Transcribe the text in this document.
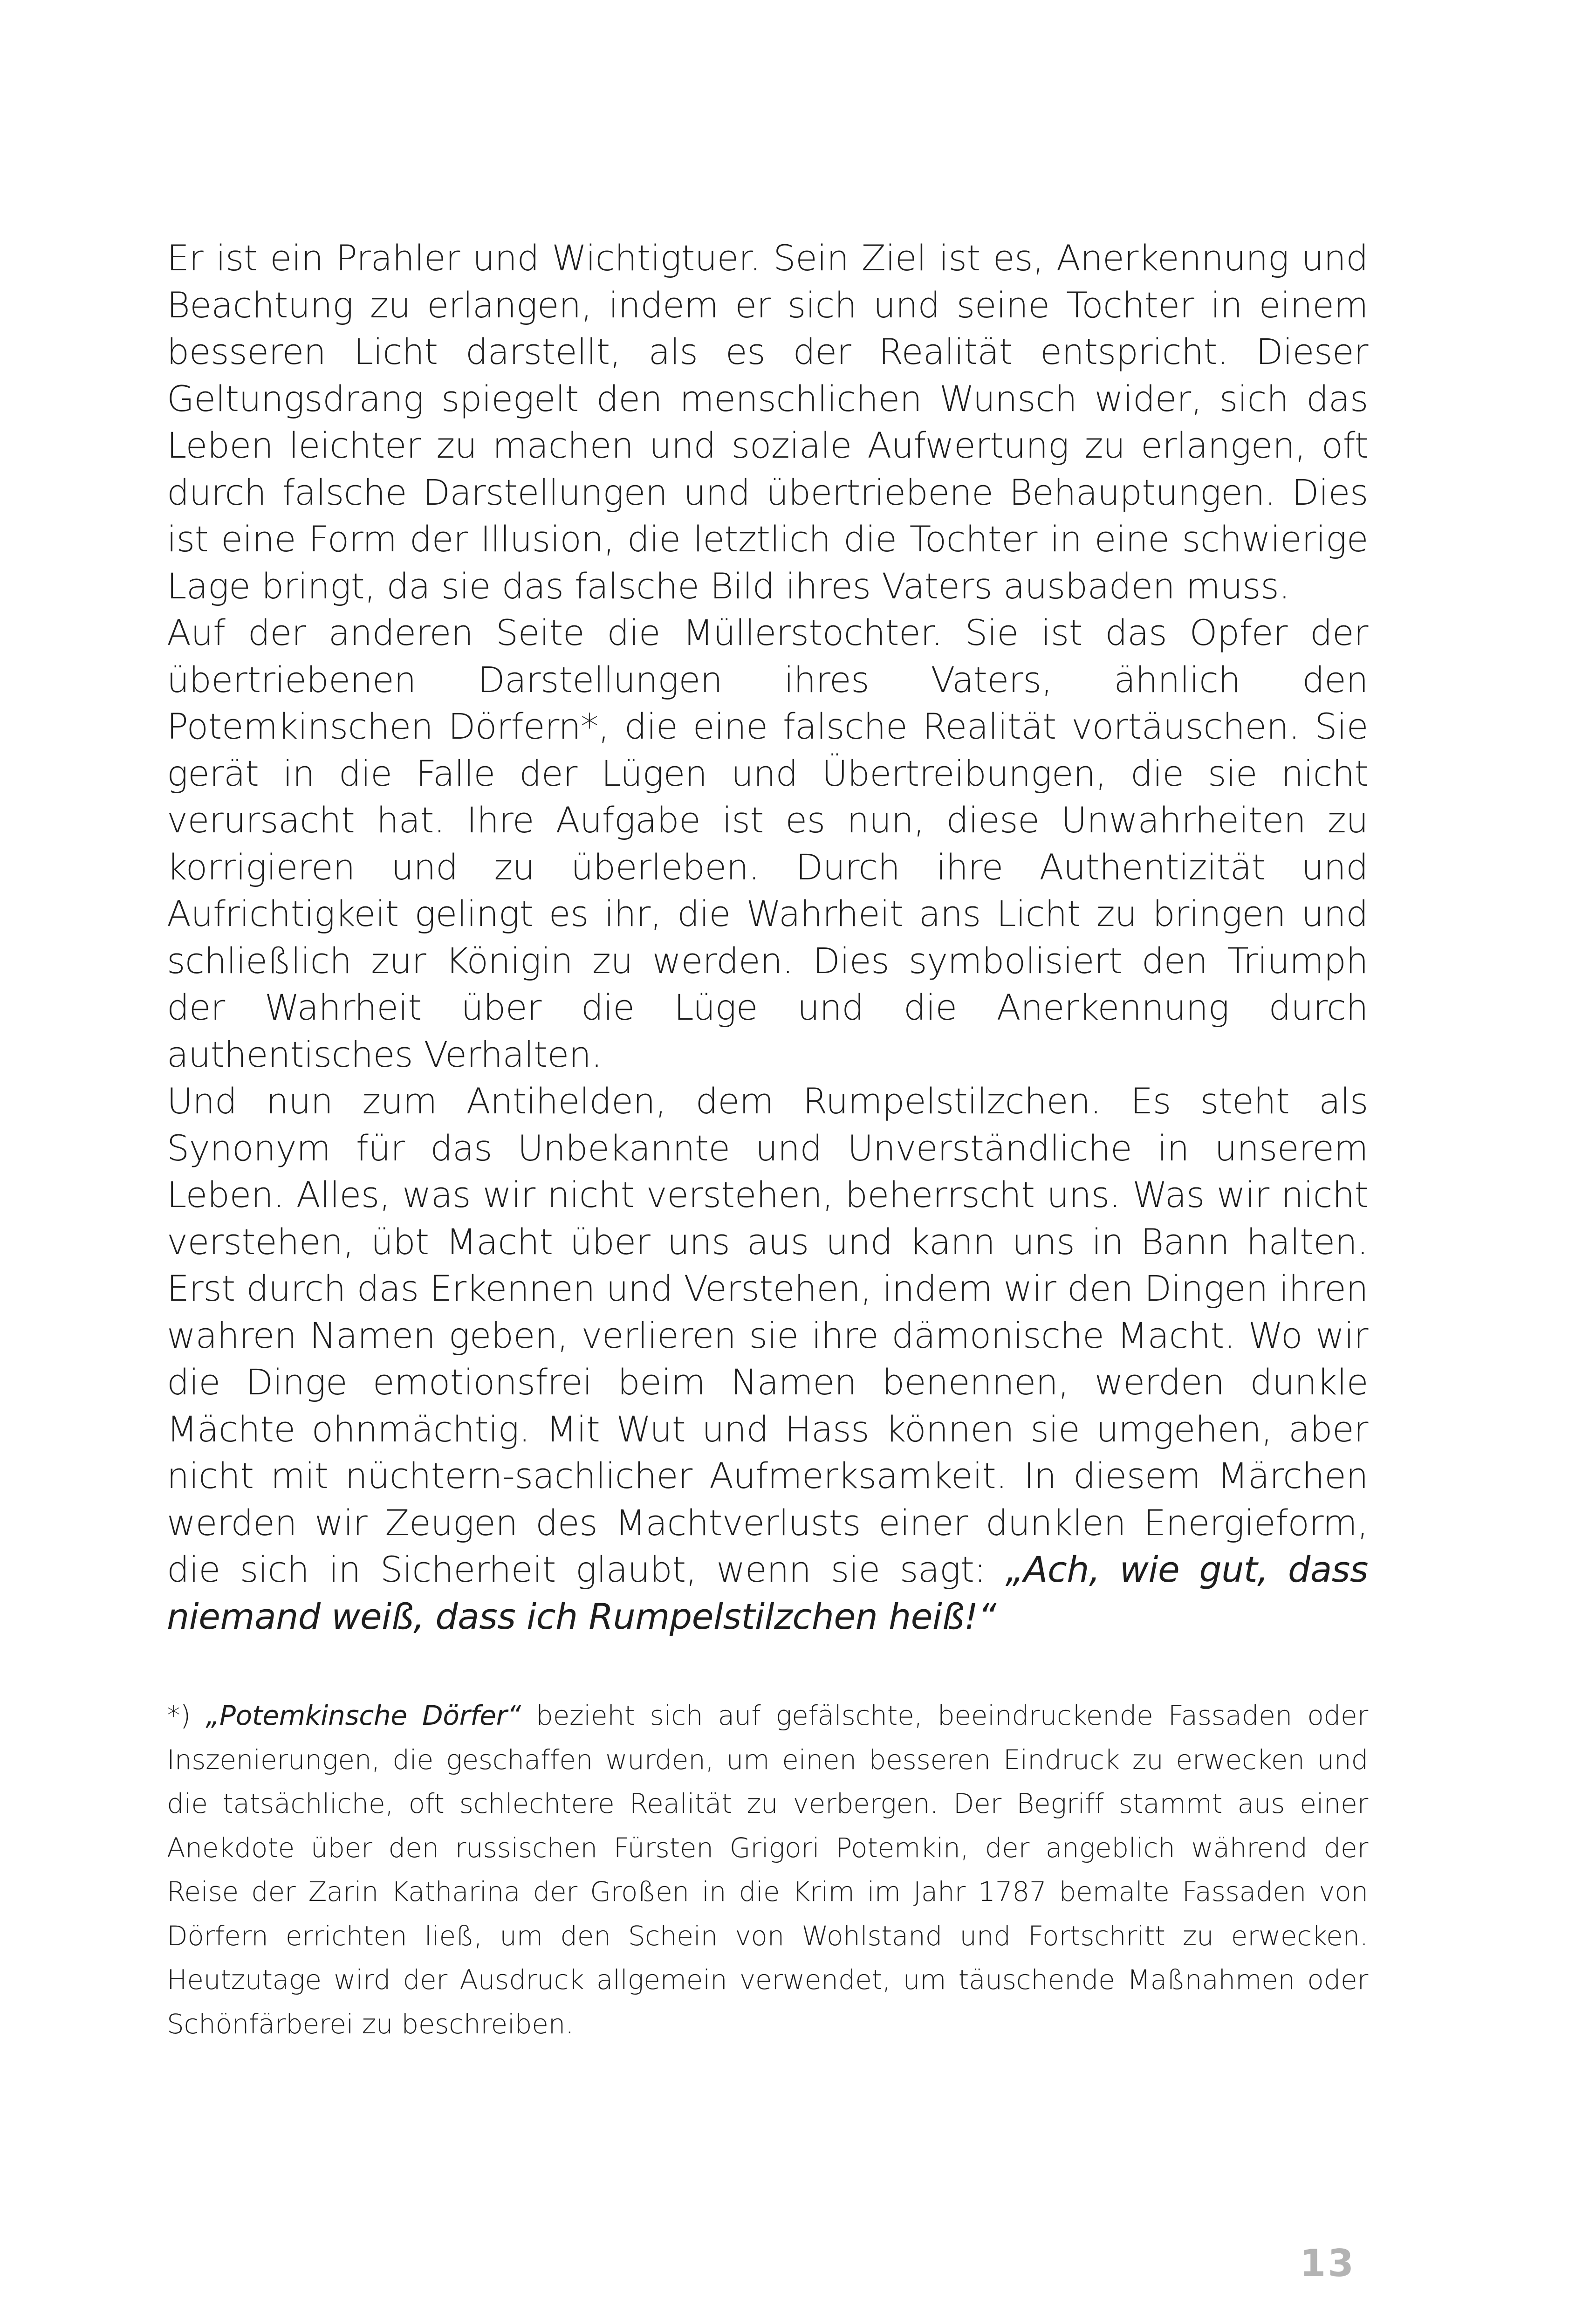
Er ist ein Prahler und Wichtigtuer. Sein Ziel ist es, Anerkennung und Beachtung zu erlangen, indem er sich und seine Tochter in einem besseren Licht darstellt, als es der Realität entspricht. Dieser Geltungsdrang spiegelt den menschlichen Wunsch wider, sich das Leben leichter zu machen und soziale Aufwertung zu erlangen, oft durch falsche Darstellungen und übertriebene Behauptungen. Dies ist eine Form der Illusion, die letztlich die Tochter in eine schwierige Lage bringt, da sie das falsche Bild ihres Vaters ausbaden muss.

Auf der anderen Seite die Müllerstochter. Sie ist das Opfer der übertriebenen Darstellungen ihres Vaters, ähnlich den Potemkinschen Dörfern*, die eine falsche Realität vortäuschen. Sie gerät in die Falle der Lügen und Übertreibungen, die sie nicht verursacht hat. Ihre Aufgabe ist es nun, diese Unwahrheiten zu korrigieren und zu überleben. Durch ihre Authentizität und Aufrichtigkeit gelingt es ihr, die Wahrheit ans Licht zu bringen und schließlich zur Königin zu werden. Dies symbolisiert den Triumph der Wahrheit über die Lüge und die Anerkennung durch authentisches Verhalten.

Und nun zum Antihelden, dem Rumpelstilzchen. Es steht als Synonym für das Unbekannte und Unverständliche in unserem Leben. Alles, was wir nicht verstehen, beherrscht uns. Was wir nicht verstehen, übt Macht über uns aus und kann uns in Bann halten. Erst durch das Erkennen und Verstehen, indem wir den Dingen ihren wahren Namen geben, verlieren sie ihre dämonische Macht. Wo wir die Dinge emotionsfrei beim Namen benennen, werden dunkle Mächte ohnmächtig. Mit Wut und Hass können sie umgehen, aber nicht mit nüchtern-sachlicher Aufmerksamkeit. In diesem Märchen werden wir Zeugen des Machtverlusts einer dunklen Energieform, die sich in Sicherheit glaubt, wenn sie sagt: „Ach, wie gut, dass niemand weiß, dass ich Rumpelstilzchen heiß!“

*) „Potemkinsche Dörfer“ bezieht sich auf gefälschte, beeindruckende Fassaden oder Inszenierungen, die geschaffen wurden, um einen besseren Eindruck zu erwecken und die tatsächliche, oft schlechtere Realität zu verbergen. Der Begriff stammt aus einer Anekdote über den russischen Fürsten Grigori Potemkin, der angeblich während der Reise der Zarin Katharina der Großen in die Krim im Jahr 1787 bemalte Fassaden von Dörfern errichten ließ, um den Schein von Wohlstand und Fortschritt zu erwecken. Heutzutage wird der Ausdruck allgemein verwendet, um täuschende Maßnahmen oder Schönfärberei zu beschreiben.

13
